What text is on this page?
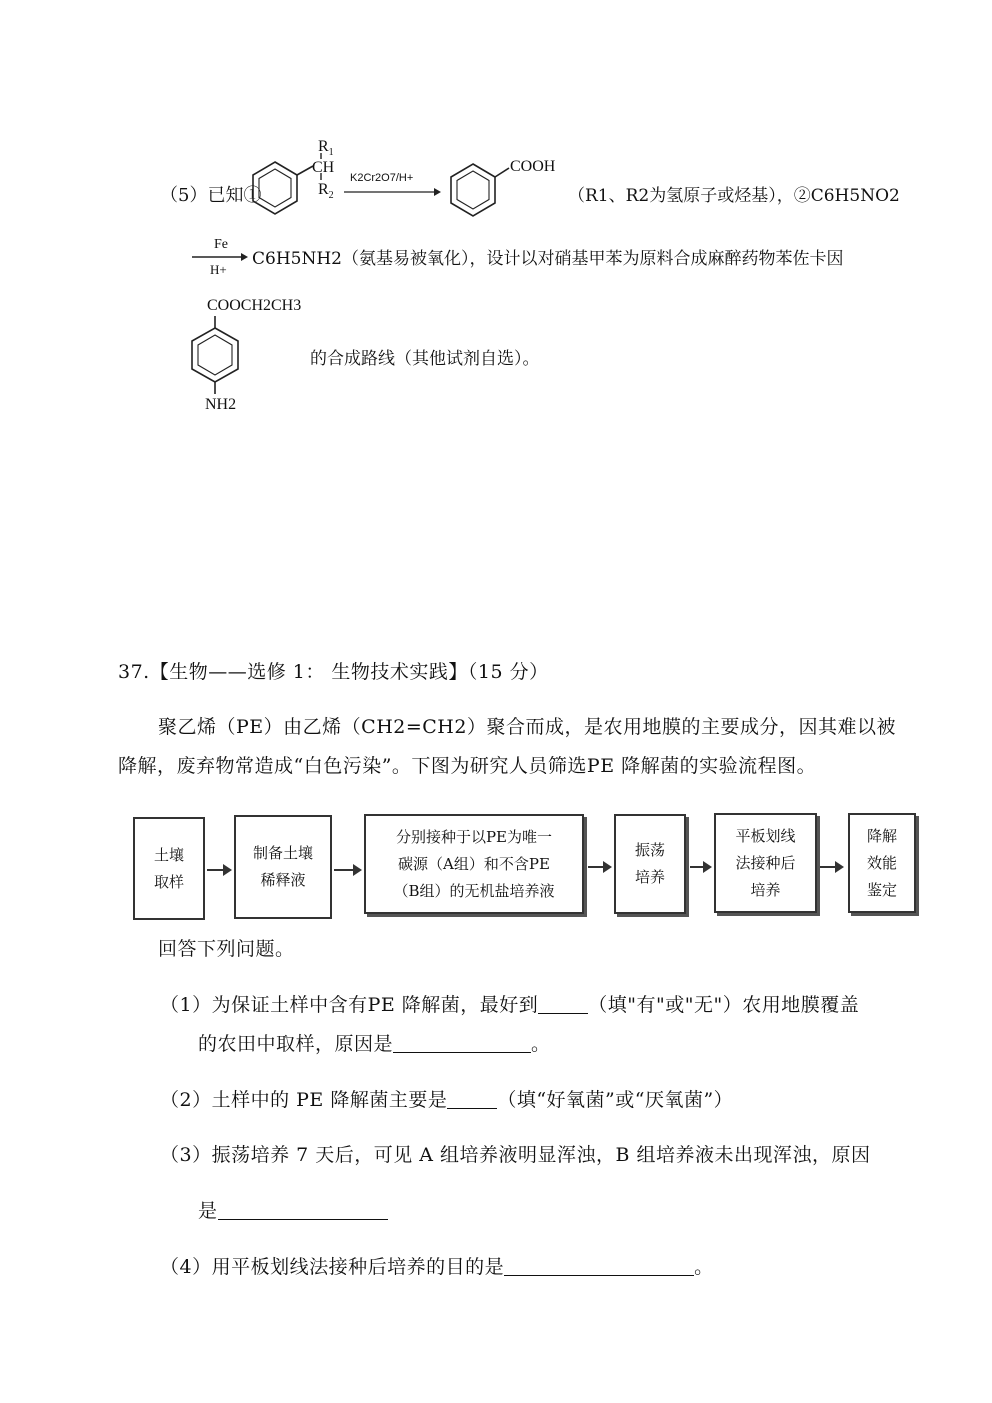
（5）已知①
$R_1$
CH
$R_2$
K2Cr2O7/H+
COOH
（R1、R2为氢原子或烃基），②C6H5NO2
Fe
H+
C6H5NH2（氨基易被氧化），设计以对硝基甲苯为原料合成麻醉药物苯佐卡因
COOCH2CH3
NH2
的合成路线（其他试剂自选）。
37.【生物——选修 1： 生物技术实践】（15 分）
聚乙烯（PE）由乙烯（CH2=CH2）聚合而成，是农用地膜的主要成分，因其难以被
降解，废弃物常造成“白色污染”。下图为研究人员筛选PE 降解菌的实验流程图。
土壤
取样
制备土壤
稀释液
分别接种于以PE为唯一
碳源（A组）和不含PE
（B组）的无机盐培养液
振荡
培养
平板划线
法接种后
培养
降解
效能
鉴定
回答下列问题。
（1）为保证土样中含有PE 降解菌，最好到	（填"有"或"无"）农用地膜覆盖
的农田中取样，原因是	。
（2）土样中的 PE 降解菌主要是	（填“好氧菌”或“厌氧菌”）
（3）振荡培养 7 天后，可见 A 组培养液明显浑浊，B 组培养液未出现浑浊，原因
是
（4）用平板划线法接种后培养的目的是	。
